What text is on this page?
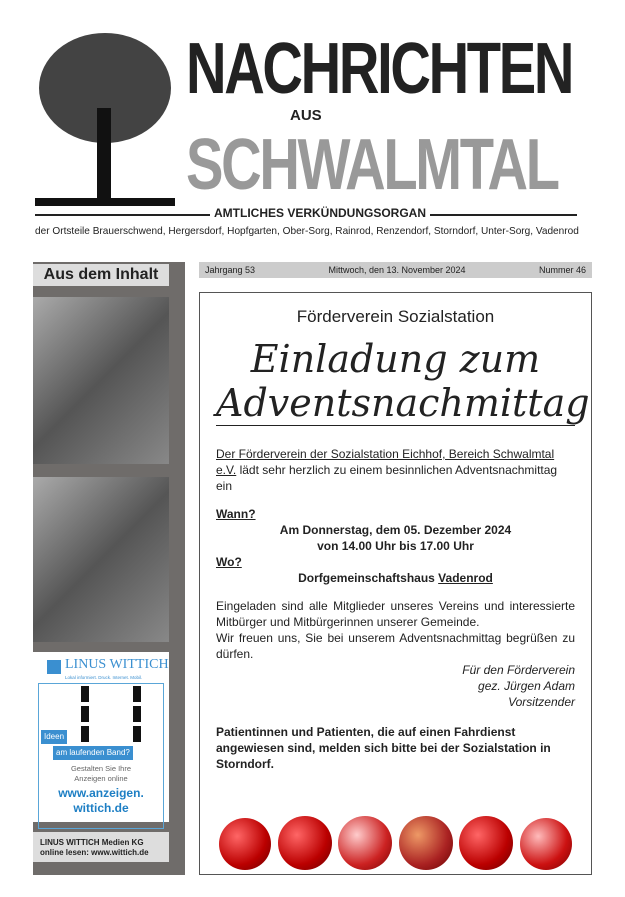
NACHRICHTEN
AUS
SCHWALMTAL
AMTLICHES VERKÜNDUNGSORGAN
der Ortsteile Brauerschwend, Hergersdorf, Hopfgarten, Ober-Sorg, Rainrod, Renzendorf, Storndorf, Unter-Sorg, Vadenrod
Aus dem Inhalt
LINUS WITTICH
Lokal informiert. Druck. Internet. Mobil.
Ideen
am laufenden Band?
Gestalten Sie Ihre
Anzeigen online
www.anzeigen.
wittich.de
LINUS WITTICH Medien KG
online lesen: www.wittich.de
Jahrgang 53	Mittwoch, den 13. November 2024	Nummer 46
Förderverein Sozialstation
Einladung zum
Adventsnachmittag

Der Förderverein der Sozialstation Eichhof, Bereich Schwalmtal e.V. lädt sehr herzlich zu einem besinnlichen Adventsnachmittag ein

Wann?

Am Donnerstag, dem 05. Dezember 2024

von 14.00 Uhr bis 17.00 Uhr

Wo?

Dorfgemeinschaftshaus Vadenrod

Eingeladen sind alle Mitglieder unseres Vereins und interessierte Mitbürger und Mitbürgerinnen unserer Gemeinde.

Wir freuen uns, Sie bei unserem Adventsnachmittag begrüßen zu dürfen.

Für den Förderverein
gez. Jürgen Adam
Vorsitzender

Patientinnen und Patienten, die auf einen Fahrdienst angewiesen sind, melden sich bitte bei der Sozialstation in Storndorf.
